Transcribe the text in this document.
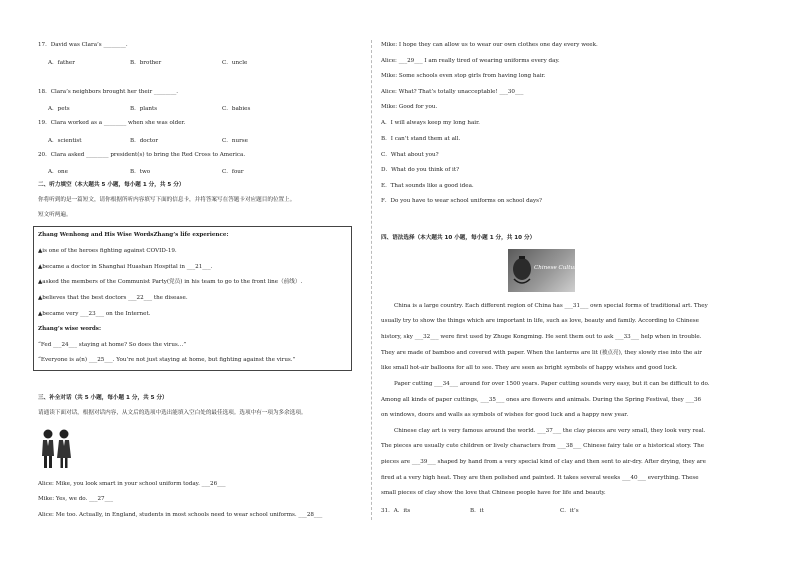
17．David was Clara’s ________.
A．father	B．brother	C．uncle
18．Clara’s neighbors brought her their ________.
A．pets	B．plants	C．babies
19．Clara worked as a ________ when she was older.
A．scientist	B．doctor	C．nurse
20．Clara asked ________ president(s) to bring the Red Cross to America.
A．one	B．two	C．four
二、听力填空（本大题共 5 小题，每小题 1 分，共 5 分）
你将听到的是一篇短文，请你根据所听内容填写下面的信息卡，并将答案写在答题卡对应题目的位置上。
短文听两遍。
Zhang Wenhong and His Wise WordsZhang’s life experience:
▲is one of the heroes fighting against COVID-19.
▲became a doctor in Shanghai Huashan Hospital in ___21___.
▲asked the members of the Communist Party(党员) in his team to go to the front line（前线）.
▲believes that the best doctors ___22___ the disease.
▲became very ___23___ on the Internet.
Zhang’s wise words:
“Fed ___24___ staying at home? So does the virus…”
“Everyone is a(n) ___25___. You’re not just staying at home, but fighting against the virus.”
三、补全对话（共 5 小题，每小题 1 分，共 5 分）
请通读下面对话，根据对话内容，从文后的选项中选出能填入空白处的最佳选项。选项中有一项为多余选项。
Alice: Mike, you look smart in your school uniform today. ___26___
Mike: Yes, we do. ___27___
Alice: Me too. Actually, in England, students in most schools need to wear school uniforms. ___28___
Mike: I hope they can allow us to wear our own clothes one day every week.
Alice: ___29___ I am really tired of wearing uniforms every day.
Mike: Some schools even stop girls from having long hair.
Alice: What? That’s totally unacceptable! ___30___
Mike: Good for you.
A．I will always keep my long hair.
B．I can’t stand them at all.
C．What about you?
D．What do you think of it?
E．That sounds like a good idea.
F．Do you have to wear school uniforms on school days?
四、语法选择（本大题共 10 小题，每小题 1 分，共 10 分）
Chinese Culture
China is a large country. Each different region of China has ___31___ own special forms of traditional art. They
usually try to show the things which are important in life, such as love, beauty and family. According to Chinese
history, sky ___32___ were first used by Zhuge Kongming. He sent them out to ask ___33___ help when in trouble.
They are made of bamboo and covered with paper. When the lanterns are lit (被点亮), they slowly rise into the air
like small hot-air balloons for all to see. They are seen as bright symbols of happy wishes and good luck.
Paper cutting ___34___ around for over 1500 years. Paper cutting sounds very easy, but it can be difficult to do.
Among all kinds of paper cuttings, ___35___ ones are flowers and animals. During the Spring Festival, they ___36
on windows, doors and walls as symbols of wishes for good luck and a happy new year.
Chinese clay art is very famous around the world. ___37___ the clay pieces are very small, they look very real.
The pieces are usually cute children or lively characters from ___38___ Chinese fairy tale or a historical story. The
pieces are ___39___ shaped by hand from a very special kind of clay and then sent to air-dry. After drying, they are
fired at a very high heat. They are then polished and painted. It takes several weeks ___40___ everything. These
small pieces of clay show the love that Chinese people have for life and beauty.
31．A．its	B．it	C．it’s
